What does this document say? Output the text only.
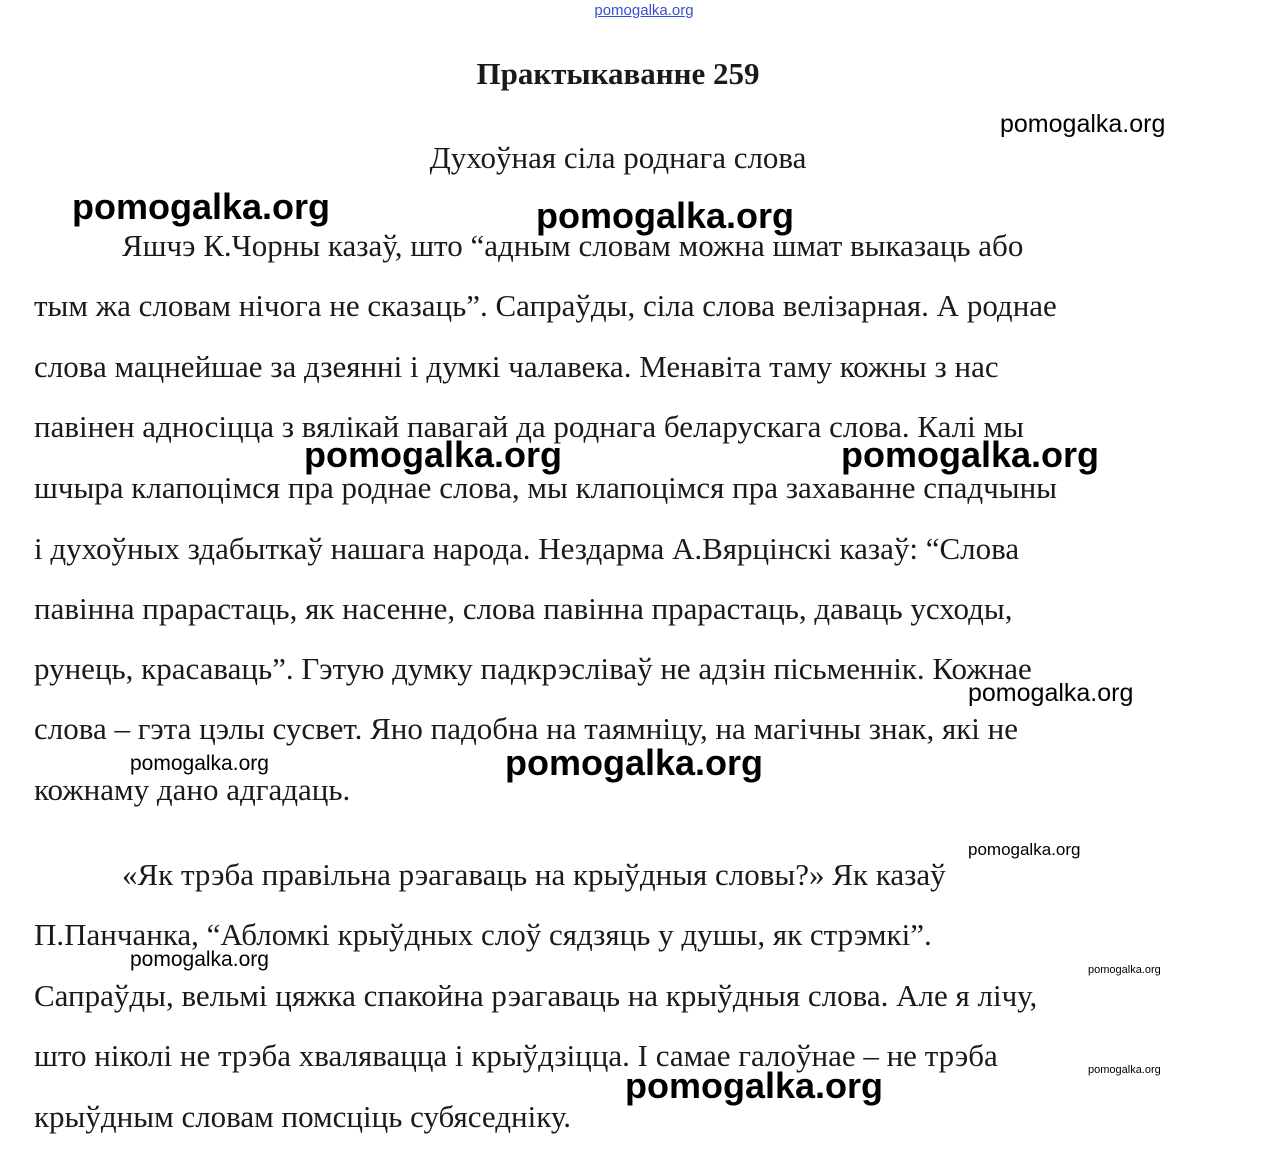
pomogalka.org
Практыкаванне 259
Духоўная сіла роднага слова
Яшчэ К.Чорны казаў, што “адным словам можна шмат выказаць або
тым жа словам нічога не сказаць”. Сапраўды, сіла слова велізарная. А роднае
слова мацнейшае за дзеянні і думкі чалавека. Менавіта таму кожны з нас
павінен адносіцца з вялікай павагай да роднага беларускага слова. Калі мы
шчыра клапоцімся пра роднае слова, мы клапоцімся пра захаванне спадчыны
і духоўных здабыткаў нашага народа. Нездарма А.Вярцінскі казаў: “Слова
павінна прарастаць, як насенне, слова павінна прарастаць, даваць усходы,
рунець, красаваць”. Гэтую думку падкрэсліваў не адзін пісьменнік. Кожнае
слова – гэта цэлы сусвет. Яно падобна на таямніцу, на магічны знак, які не
кожнаму дано адгадаць.
«Як трэба правільна рэагаваць на крыўдныя словы?» Як казаў
П.Панчанка, “Абломкі крыўдных слоў сядзяць у душы, як стрэмкі”.
Сапраўды, вельмі цяжка спакойна рэагаваць на крыўдныя слова. Але я лічу,
што ніколі не трэба хваляваццa і крыўдзіцца. І самае галоўнае – не трэба
крыўдным словам помсціць субяседніку.
pomogalka.org
pomogalka.org	pomogalka.org
pomogalka.org	pomogalka.org
pomogalka.org
pomogalka.org
pomogalka.org
pomogalka.org
pomogalka.org	pomogalka.org
pomogalka.org
pomogalka.org
